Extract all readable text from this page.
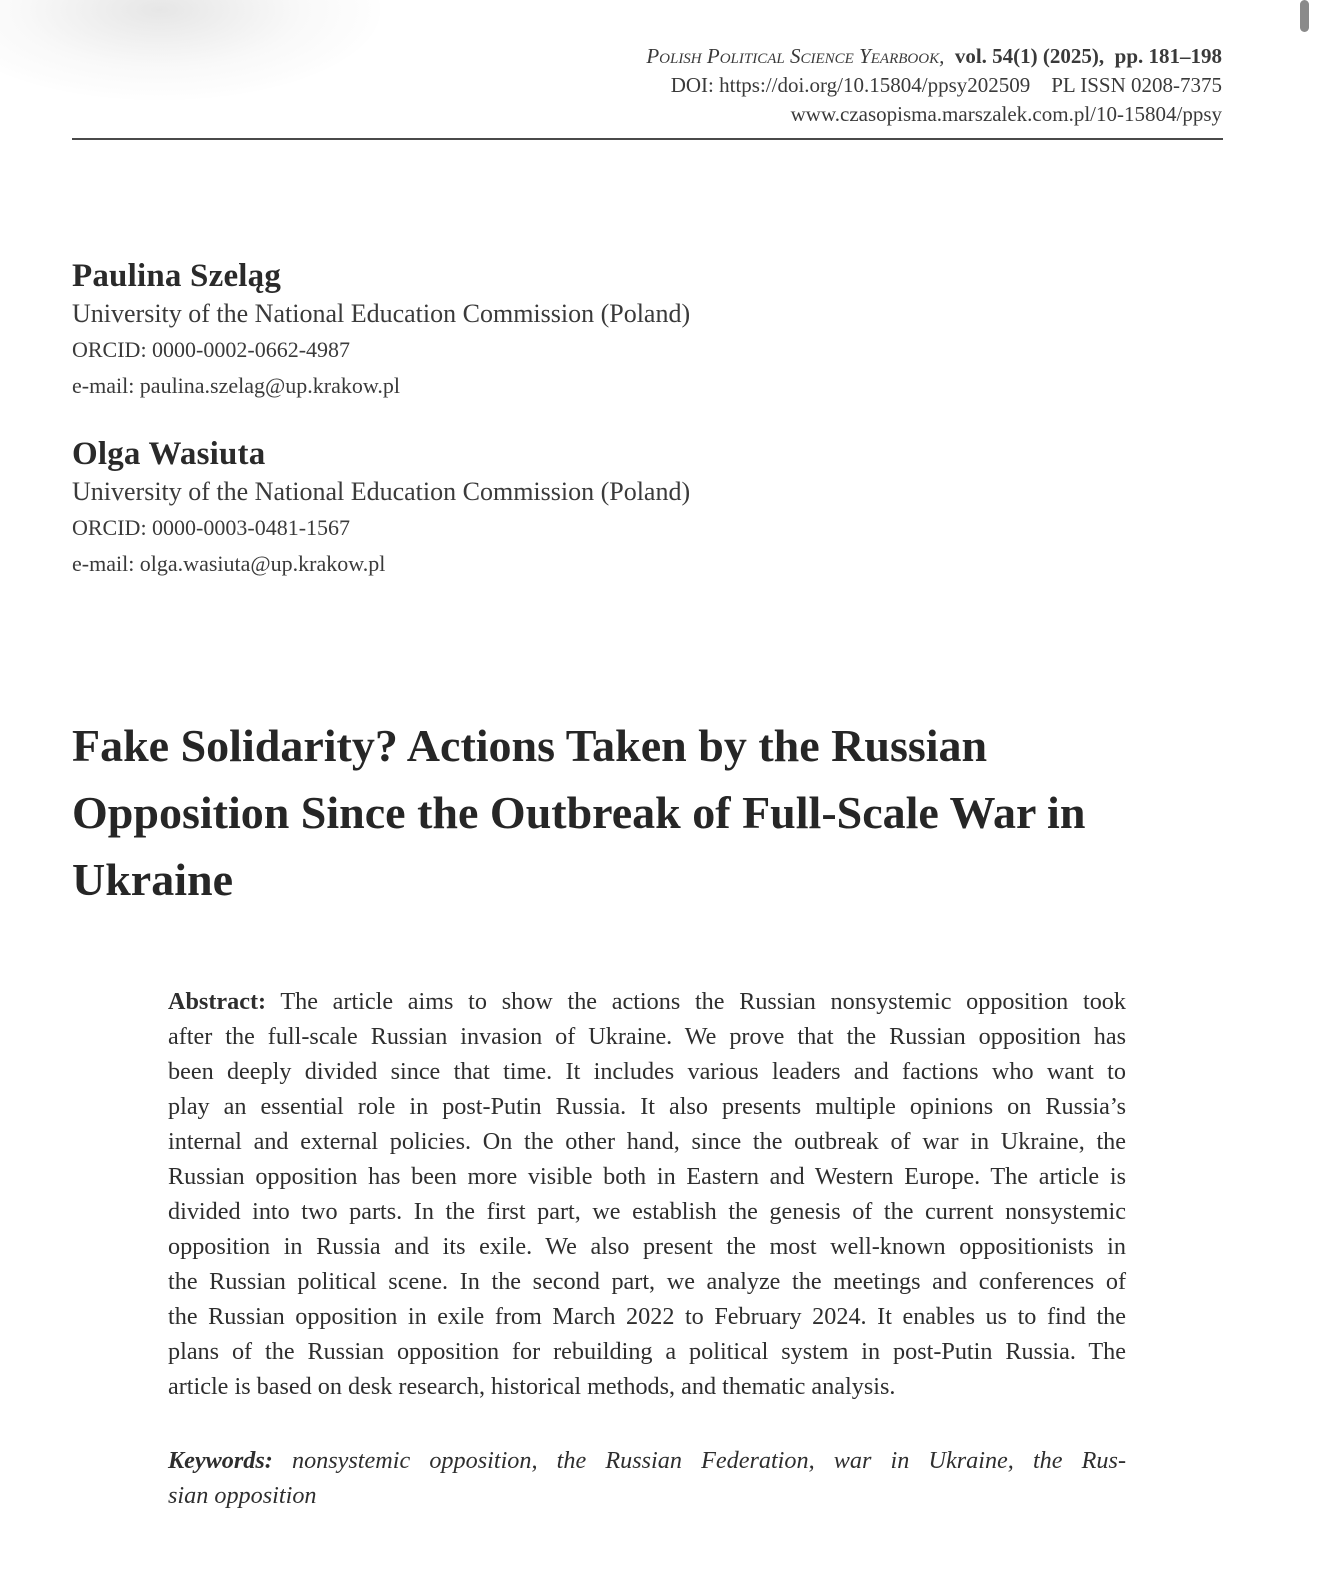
Polish Political Science Yearbook, vol. 54(1) (2025), pp. 181–198
DOI: https://doi.org/10.15804/ppsy202509 PL ISSN 0208-7375
www.czasopisma.marszalek.com.pl/10-15804/ppsy
Paulina Szeląg
University of the National Education Commission (Poland)
ORCID: 0000-0002-0662-4987
e-mail: paulina.szelag@up.krakow.pl
Olga Wasiuta
University of the National Education Commission (Poland)
ORCID: 0000-0003-0481-1567
e-mail: olga.wasiuta@up.krakow.pl
Fake Solidarity? Actions Taken by the Russian
Opposition Since the Outbreak of Full-Scale War in
Ukraine
Abstract: The article aims to show the actions the Russian nonsystemic opposition took
after the full-scale Russian invasion of Ukraine. We prove that the Russian opposition has
been deeply divided since that time. It includes various leaders and factions who want to
play an essential role in post-Putin Russia. It also presents multiple opinions on Russia’s
internal and external policies. On the other hand, since the outbreak of war in Ukraine, the
Russian opposition has been more visible both in Eastern and Western Europe. The article is
divided into two parts. In the first part, we establish the genesis of the current nonsystemic
opposition in Russia and its exile. We also present the most well-known oppositionists in
the Russian political scene. In the second part, we analyze the meetings and conferences of
the Russian opposition in exile from March 2022 to February 2024. It enables us to find the
plans of the Russian opposition for rebuilding a political system in post-Putin Russia. The
article is based on desk research, historical methods, and thematic analysis.
Keywords: nonsystemic opposition, the Russian Federation, war in Ukraine, the Rus-
sian opposition
